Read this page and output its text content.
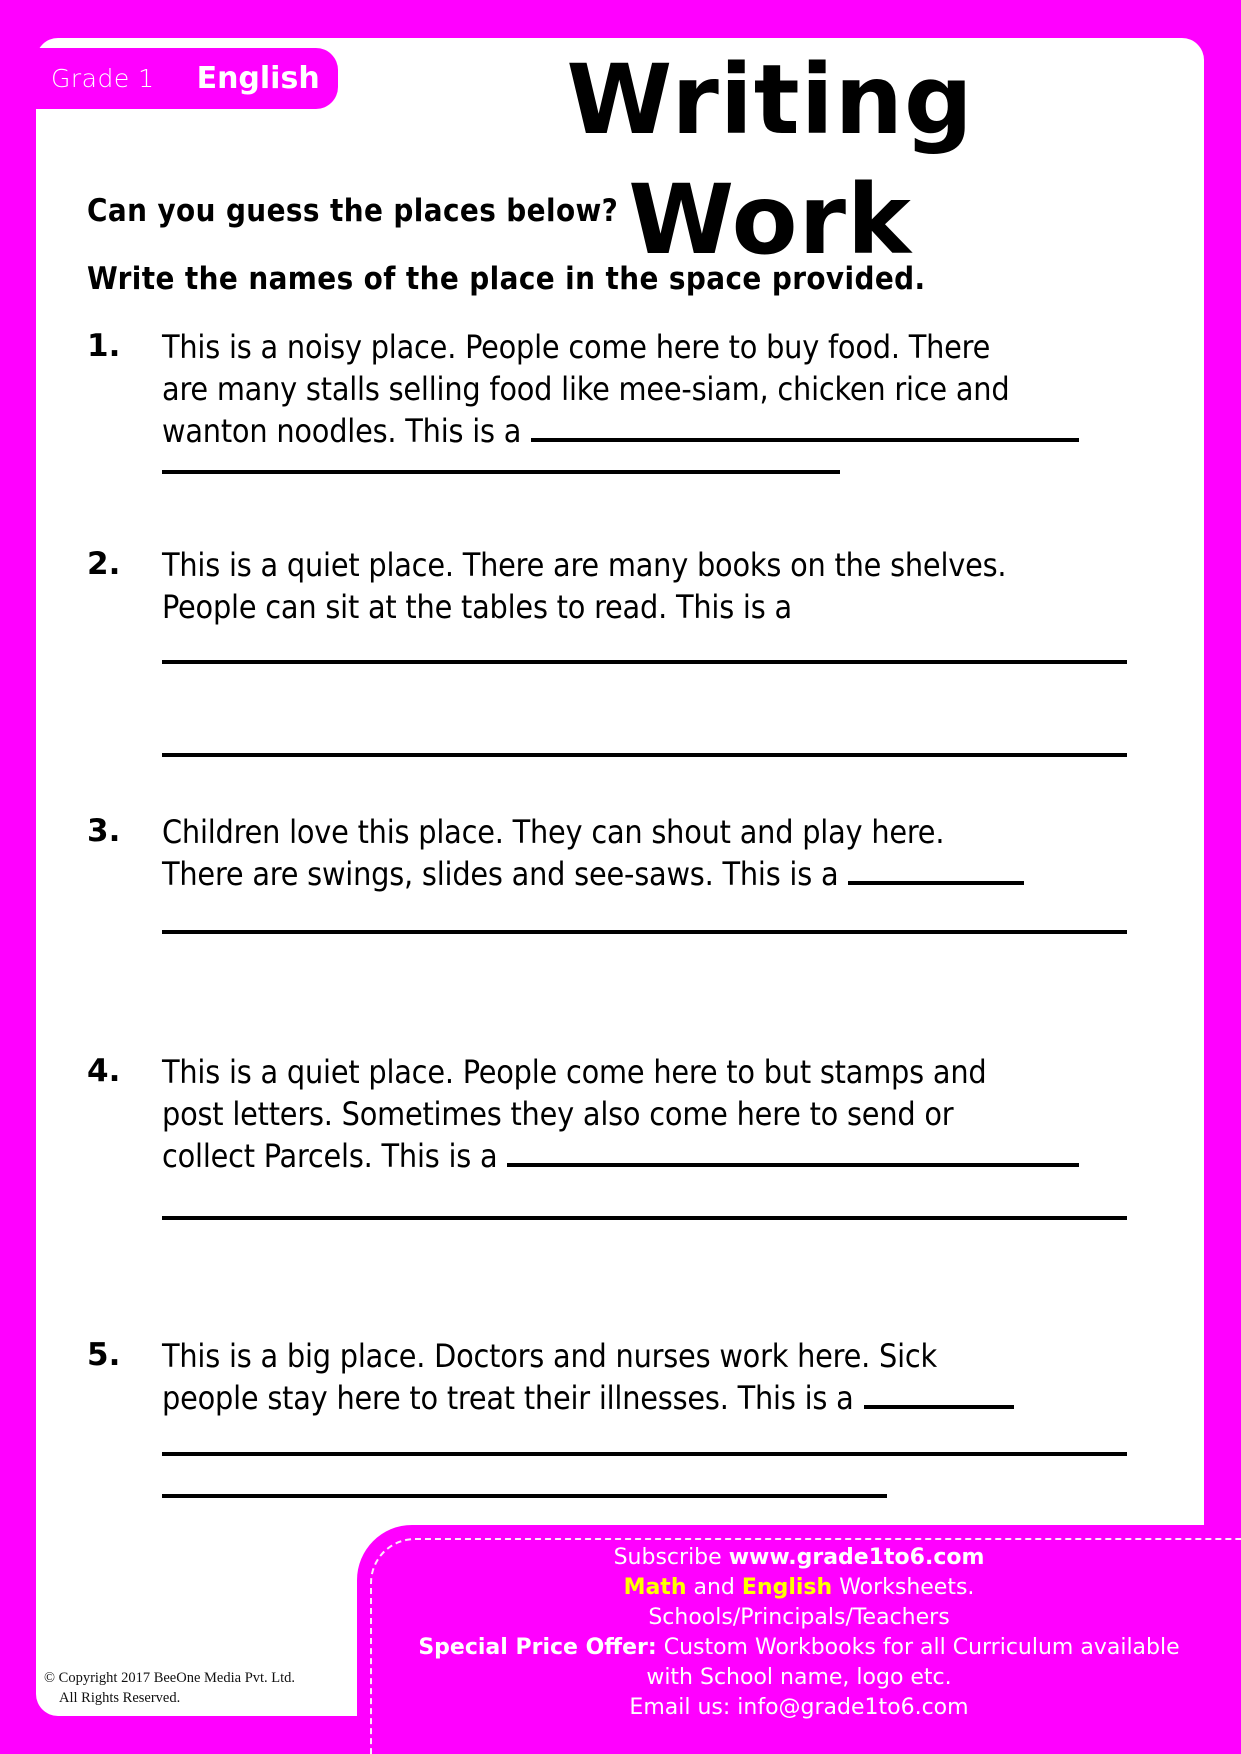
Grade 1 English	Writing Work
Can you guess the places below?
Write the names of the place in the space provided.
1. This is a noisy place. People come here to buy food. There
are many stalls selling food like mee-siam, chicken rice and
wanton noodles. This is a
2. This is a quiet place. There are many books on the shelves.
People can sit at the tables to read. This is a
3. Children love this place. They can shout and play here.
There are swings, slides and see-saws. This is a
4. This is a quiet place. People come here to but stamps and
post letters. Sometimes they also come here to send or
collect Parcels. This is a
5. This is a big place. Doctors and nurses work here. Sick
people stay here to treat their illnesses. This is a
Subscribe www.grade1to6.com
Math and English Worksheets.
Schools/Principals/Teachers
Special Price Offer: Custom Workbooks for all Curriculum available
with School name, logo etc.
Email us: info@grade1to6.com
© Copyright 2017 BeeOne Media Pvt. Ltd.
All Rights Reserved.
